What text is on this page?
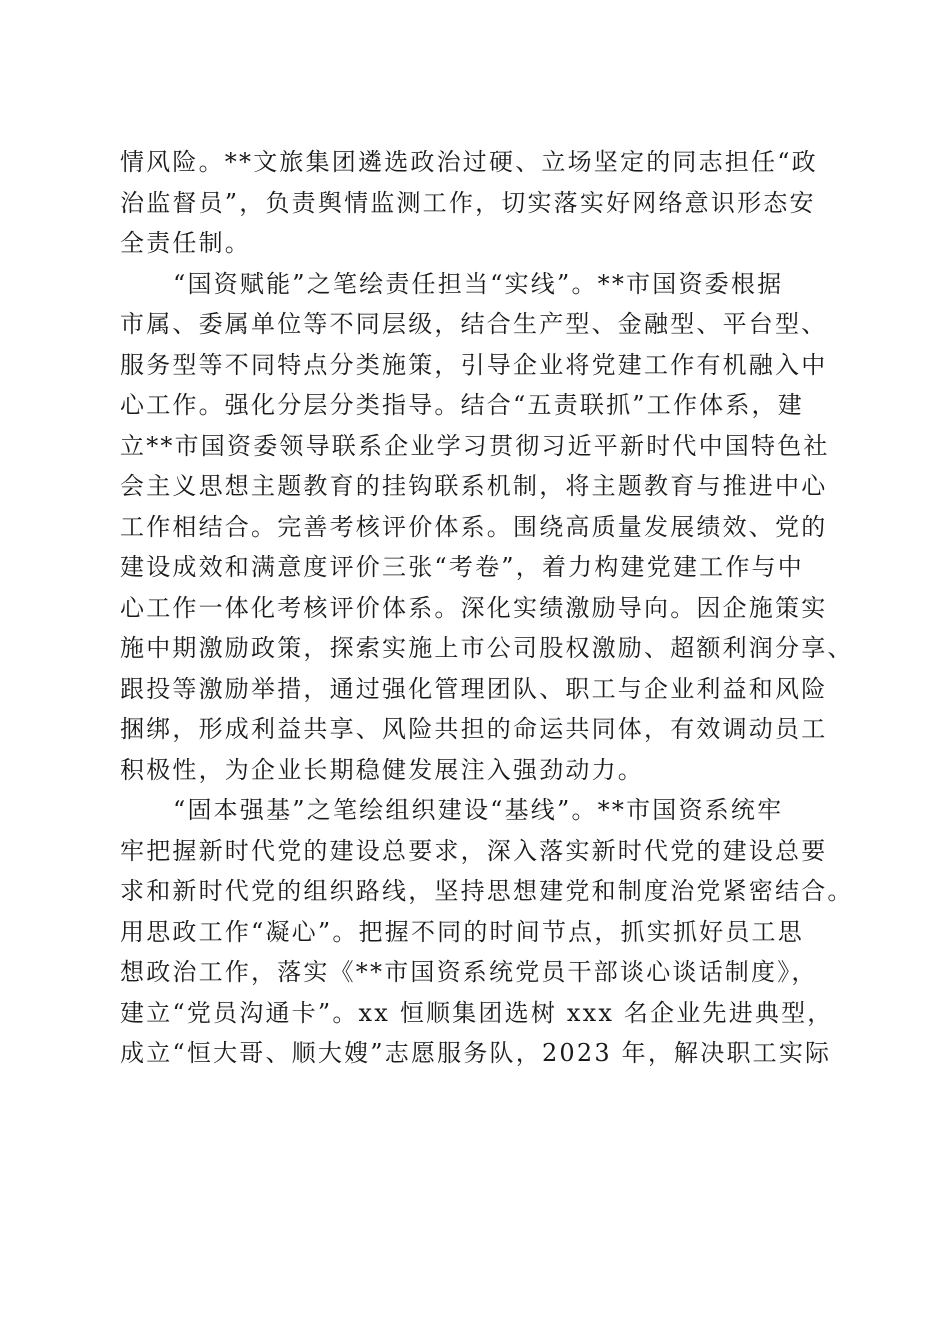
情风险。**文旅集团遴选政治过硬、立场坚定的同志担任“政
治监督员”，负责舆情监测工作，切实落实好网络意识形态安
全责任制。
“国资赋能”之笔绘责任担当“实线”。**市国资委根据
市属、委属单位等不同层级，结合生产型、金融型、平台型、
服务型等不同特点分类施策，引导企业将党建工作有机融入中
心工作。强化分层分类指导。结合“五责联抓”工作体系，建
立**市国资委领导联系企业学习贯彻习近平新时代中国特色社
会主义思想主题教育的挂钩联系机制，将主题教育与推进中心
工作相结合。完善考核评价体系。围绕高质量发展绩效、党的
建设成效和满意度评价三张“考卷”，着力构建党建工作与中
心工作一体化考核评价体系。深化实绩激励导向。因企施策实
施中期激励政策，探索实施上市公司股权激励、超额利润分享、
跟投等激励举措，通过强化管理团队、职工与企业利益和风险
捆绑，形成利益共享、风险共担的命运共同体，有效调动员工
积极性，为企业长期稳健发展注入强劲动力。
“固本强基”之笔绘组织建设“基线”。**市国资系统牢
牢把握新时代党的建设总要求，深入落实新时代党的建设总要
求和新时代党的组织路线，坚持思想建党和制度治党紧密结合。
用思政工作“凝心”。把握不同的时间节点，抓实抓好员工思
想政治工作，落实《**市国资系统党员干部谈心谈话制度》，
建立“党员沟通卡”。xx 恒顺集团选树 xxx 名企业先进典型，
成立“恒大哥、顺大嫂”志愿服务队，2023 年，解决职工实际
